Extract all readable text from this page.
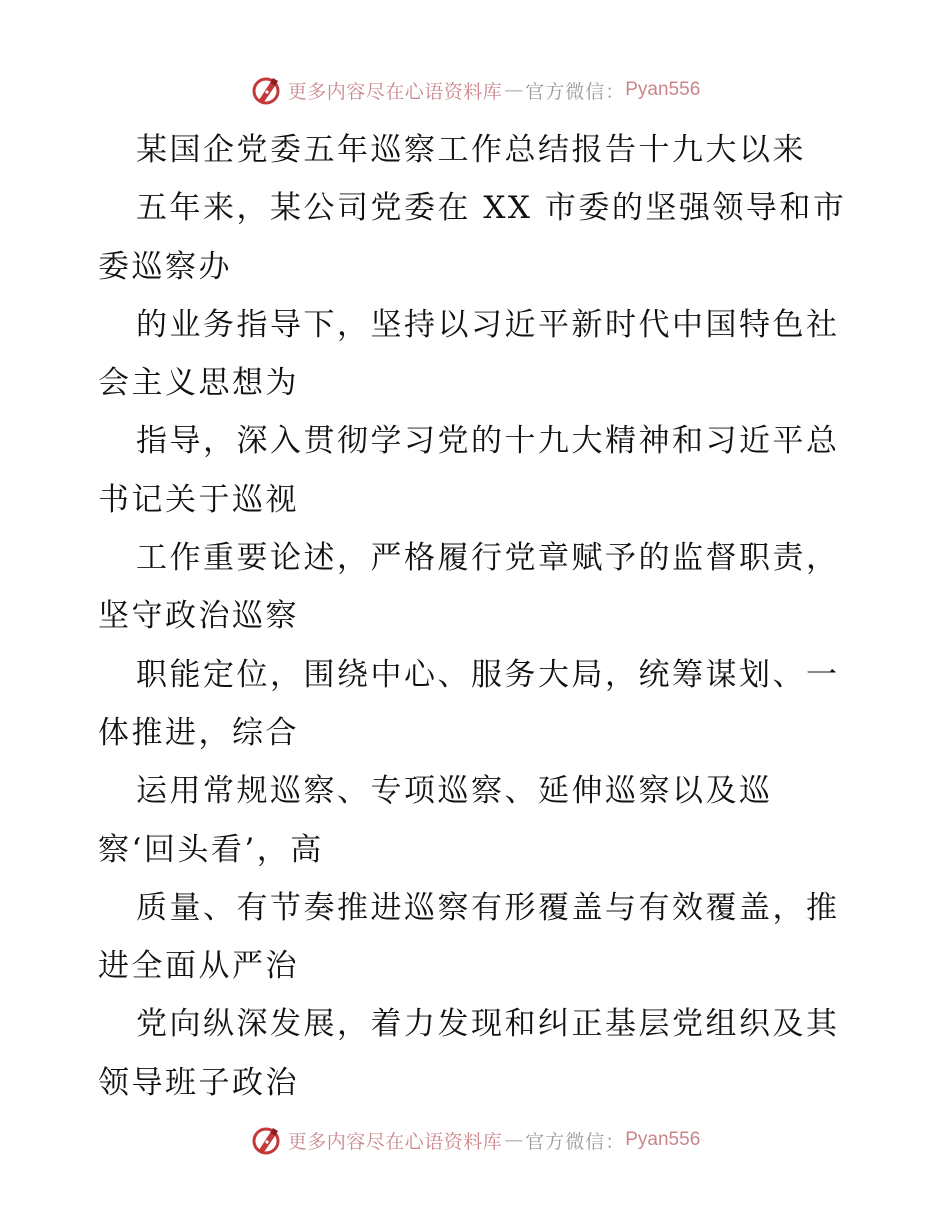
更多内容尽在心语资料库 — 官方微信： Pyan556
某国企党委五年巡察工作总结报告十九大以来
五年来，某公司党委在 XX 市委的坚强领导和市
委巡察办
的业务指导下，坚持以习近平新时代中国特色社
会主义思想为
指导，深入贯彻学习党的十九大精神和习近平总
书记关于巡视
工作重要论述，严格履行党章赋予的监督职责，
坚守政治巡察
职能定位，围绕中心、服务大局，统筹谋划、一
体推进，综合
运用常规巡察、专项巡察、延伸巡察以及巡
察‘回头看’，高
质量、有节奏推进巡察有形覆盖与有效覆盖，推
进全面从严治
党向纵深发展，着力发现和纠正基层党组织及其
领导班子政治
更多内容尽在心语资料库 — 官方微信： Pyan556
